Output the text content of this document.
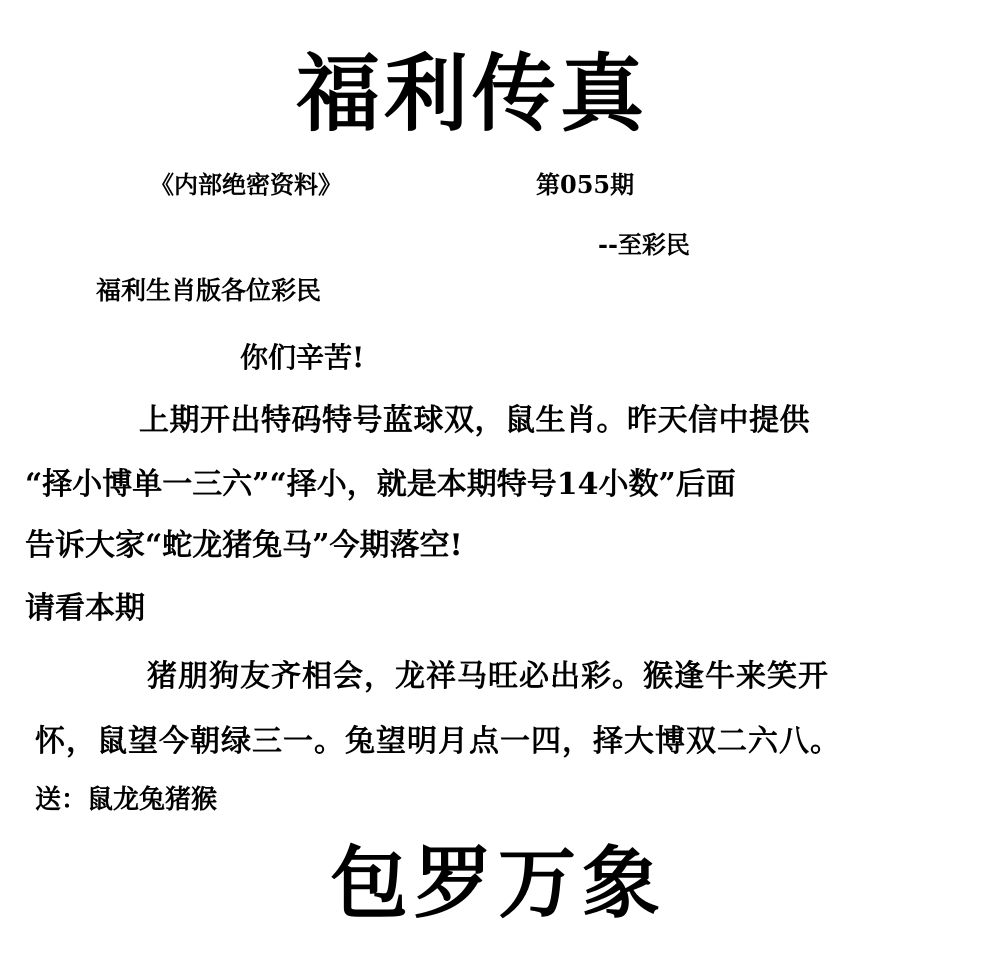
福利传真
《内部绝密资料》	第055期
--至彩民
福利生肖版各位彩民
你们辛苦!
上期开出特码特号蓝球双，鼠生肖。昨天信中提供
“择小博单一三六”“择小，就是本期特号14小数”后面
告诉大家“蛇龙猪兔马”今期落空!
请看本期
猪朋狗友齐相会，龙祥马旺必出彩。猴逢牛来笑开
怀，鼠望今朝绿三一。兔望明月点一四，择大博双二六八。
送：鼠龙兔猪猴
包罗万象
